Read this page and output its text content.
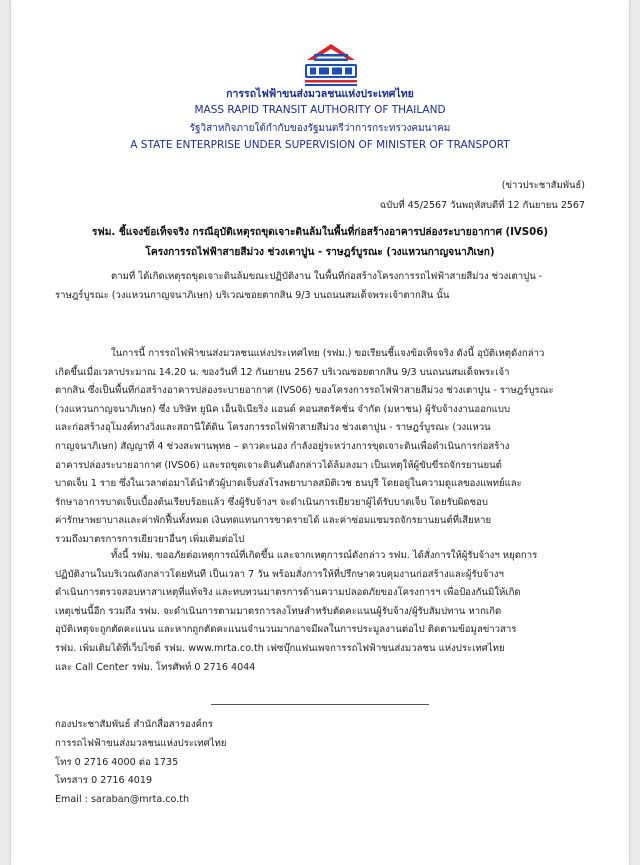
การรถไฟฟ้าขนส่งมวลชนแห่งประเทศไทย
MASS RAPID TRANSIT AUTHORITY OF THAILAND
รัฐวิสาหกิจภายใต้กำกับของรัฐมนตรีว่าการกระทรวงคมนาคม
A STATE ENTERPRISE UNDER SUPERVISION OF MINISTER OF TRANSPORT
(ข่าวประชาสัมพันธ์)
ฉบับที่ 45/2567 วันพฤหัสบดีที่ 12 กันยายน 2567
รฟม. ชี้แจงข้อเท็จจริง กรณีอุบัติเหตุรถขุดเจาะดินล้มในพื้นที่ก่อสร้างอาคารปล่องระบายอากาศ (IVS06)
โครงการรถไฟฟ้าสายสีม่วง ช่วงเตาปูน - ราษฎร์บูรณะ (วงแหวนกาญจนาภิเษก)
ตามที่ ได้เกิดเหตุรถขุดเจาะดินล้มขณะปฏิบัติงาน ในพื้นที่ก่อสร้างโครงการรถไฟฟ้าสายสีม่วง ช่วงเตาปูน -
ราษฎร์บูรณะ (วงแหวนกาญจนาภิเษก) บริเวณซอยตากสิน 9/3 บนถนนสมเด็จพระเจ้าตากสิน นั้น
ในการนี้ การรถไฟฟ้าขนส่งมวลชนแห่งประเทศไทย (รฟม.) ขอเรียนชี้แจงข้อเท็จจริง ดังนี้ อุบัติเหตุดังกล่าว
เกิดขึ้นเมื่อเวลาประมาณ 14.20 น. ของวันที่ 12 กันยายน 2567 บริเวณซอยตากสิน 9/3 บนถนนสมเด็จพระเจ้า
ตากสิน ซึ่งเป็นพื้นที่ก่อสร้างอาคารปล่องระบายอากาศ (IVS06) ของโครงการรถไฟฟ้าสายสีม่วง ช่วงเตาปูน - ราษฎร์บูรณะ
(วงแหวนกาญจนาภิเษก) ซึ่ง บริษัท ยูนิค เอ็นจิเนียริ่ง แอนด์ คอนสตรัคชั่น จำกัด (มหาชน) ผู้รับจ้างงานออกแบบ
และก่อสร้างอุโมงค์ทางวิ่งและสถานีใต้ดิน โครงการรถไฟฟ้าสายสีม่วง ช่วงเตาปูน - ราษฎร์บูรณะ (วงแหวน
กาญจนาภิเษก) สัญญาที่ 4 ช่วงสะพานพุทธ – ดาวคะนอง กำลังอยู่ระหว่างการขุดเจาะดินเพื่อดำเนินการก่อสร้าง
อาคารปล่องระบายอากาศ (IVS06) และรถขุดเจาะดินคันดังกล่าวได้ล้มลงมา เป็นเหตุให้ผู้ขับขี่รถจักรยานยนต์
บาดเจ็บ 1 ราย ซึ่งในเวลาต่อมาได้นำตัวผู้บาดเจ็บส่งโรงพยาบาลสมิติเวช ธนบุรี โดยอยู่ในความดูแลของแพทย์และ
รักษาอาการบาดเจ็บเบื้องต้นเรียบร้อยแล้ว ซึ่งผู้รับจ้างฯ จะดำเนินการเยียวยาผู้ได้รับบาดเจ็บ โดยรับผิดชอบ
ค่ารักษาพยาบาลและค่าพักฟื้นทั้งหมด เงินทดแทนการขาดรายได้ และค่าซ่อมแซมรถจักรยานยนต์ที่เสียหาย
รวมถึงมาตรการการเยียวยาอื่นๆ เพิ่มเติมต่อไป
ทั้งนี้ รฟม. ขออภัยต่อเหตุการณ์ที่เกิดขึ้น และจากเหตุการณ์ดังกล่าว รฟม. ได้สั่งการให้ผู้รับจ้างฯ หยุดการ
ปฏิบัติงานในบริเวณดังกล่าวโดยทันที เป็นเวลา 7 วัน พร้อมสั่งการให้ที่ปรึกษาควบคุมงานก่อสร้างและผู้รับจ้างฯ
ดำเนินการตรวจสอบหาสาเหตุที่แท้จริง และทบทวนมาตรการด้านความปลอดภัยของโครงการฯ เพื่อป้องกันมิให้เกิด
เหตุเช่นนี้อีก รวมถึง รฟม. จะดำเนินการตามมาตรการลงโทษสำหรับตัดคะแนนผู้รับจ้าง/ผู้รับสัมปทาน หากเกิด
อุบัติเหตุจะถูกตัดคะแนน และหากถูกตัดคะแนนจำนวนมากอาจมีผลในการประมูลงานต่อไป ติดตามข้อมูลข่าวสาร
รฟม. เพิ่มเติมได้ที่เว็บไซต์ รฟม. www.mrta.co.th เฟซบุ๊กแฟนเพจการรถไฟฟ้าขนส่งมวลชน แห่งประเทศไทย
และ Call Center รฟม. โทรศัพท์ 0 2716 4044
กองประชาสัมพันธ์ สำนักสื่อสารองค์กร
การรถไฟฟ้าขนส่งมวลชนแห่งประเทศไทย
โทร 0 2716 4000 ต่อ 1735
โทรสาร 0 2716 4019
Email : saraban@mrta.co.th
